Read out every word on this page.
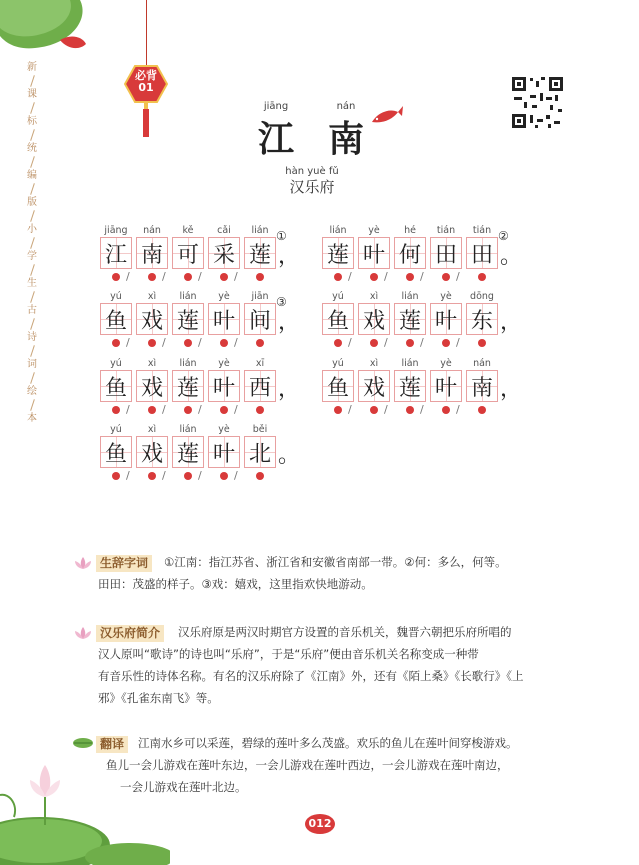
新
课
标
统
编
版
小
学
生
古
诗
词
绘
本
必背
01
jiāng	nán
江 南
hàn yuè fǔ
汉乐府
jiāng
江
/
nán
南
/
kě
可
/
cǎi
采
/
lián
莲
①
，
lián
莲
/
yè
叶
/
hé
何
/
tián
田
/
tián
田
②
。
yú
鱼
/
xì
戏
/
lián
莲
/
yè
叶
/
jiān
间
③
，
yú
鱼
/
xì
戏
/
lián
莲
/
yè
叶
/
dōng
东 ，
yú
鱼
/
xì
戏
/
lián
莲
/
yè
叶
/
xī
西 ，
yú
鱼
/
xì
戏
/
lián
莲
/
yè
叶
/
nán
南 ，
yú
鱼
/
xì
戏
/
lián
莲
/
yè
叶
/
běi
北 。
生辞字词	①江南：指江苏省、浙江省和安徽省南部一带。②何：多么，何等。
田田：茂盛的样子。③戏：嬉戏，这里指欢快地游动。
汉乐府简介	汉乐府原是两汉时期官方设置的音乐机关，魏晋六朝把乐府所唱的
汉人原叫“歌诗”的诗也叫“乐府”，于是“乐府”便由音乐机关名称变成一种带
有音乐性的诗体名称。有名的汉乐府除了《江南》外，还有《陌上桑》《长歌行》《上
邪》《孔雀东南飞》等。
翻译	江南水乡可以采莲，碧绿的莲叶多么茂盛。欢乐的鱼儿在莲叶间穿梭游戏。
鱼儿一会儿游戏在莲叶东边，一会儿游戏在莲叶西边，一会儿游戏在莲叶南边，
一会儿游戏在莲叶北边。
012
